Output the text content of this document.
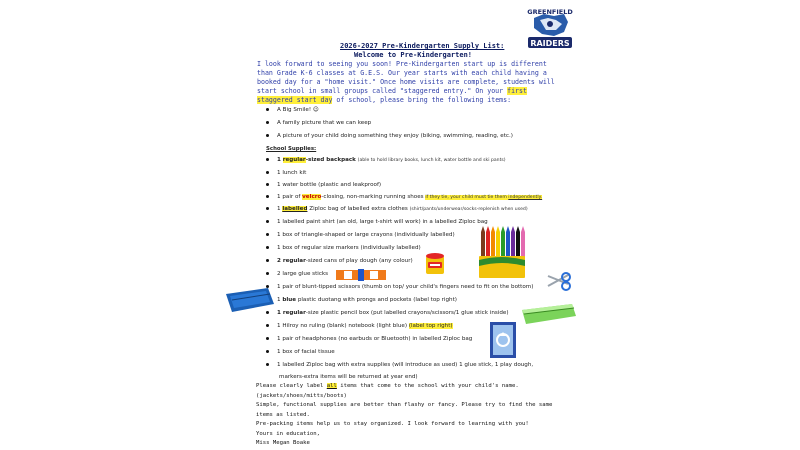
GREENFIELD
RAIDERS
2026-2027 Pre-Kindergarten Supply List:
Welcome to Pre-Kindergarten!
I look forward to seeing you soon! Pre-Kindergarten start up is different than Grade K-6 classes at G.E.S. Our year starts with each child having a booked day for a "home visit." Once home visits are complete, students will start school in small groups called "staggered entry." On your first staggered start day of school, please bring the following items:
A Big Smile! ☺
A family picture that we can keep
A picture of your child doing something they enjoy (biking, swimming, reading, etc.)
School Supplies:
1 regular-sized backpack (able to hold library books, lunch kit, water bottle and ski pants)
1 lunch kit
1 water bottle (plastic and leakproof)
1 pair of velcro-closing, non-marking running shoes if they tie, your child must tie them independently.
1 labelled Ziploc bag of labelled extra clothes (shirt/pants/underwear/socks-replenish when used)
1 labelled paint shirt (an old, large t-shirt will work) in a labelled Ziploc bag
1 box of triangle-shaped or large crayons (individually labelled)
1 box of regular size markers (individually labelled)
2 regular-sized cans of play dough (any colour)
2 large glue sticks
1 pair of blunt-tipped scissors (thumb on top/ your child's fingers need to fit on the bottom)
1 blue plastic duotang with prongs and pockets (label top right)
1 regular-size plastic pencil box (put labelled crayons/scissors/1 glue stick inside)
1 Hilroy no ruling (blank) notebook (light blue) (label top right)
1 pair of headphones (no earbuds or Bluetooth) in labelled Ziploc bag
1 box of facial tissue
1 labelled Ziploc bag with extra supplies (will introduce as used) 1 glue stick, 1 play dough,
markers-extra items will be returned at year end)
Please clearly label all items that come to the school with your child's name. (jackets/shoes/mitts/boots)
Simple, functional supplies are better than flashy or fancy. Please try to find the same items as listed.
Pre-packing items help us to stay organized. I look forward to learning with you!
Yours in education,
Miss Megan Boake
